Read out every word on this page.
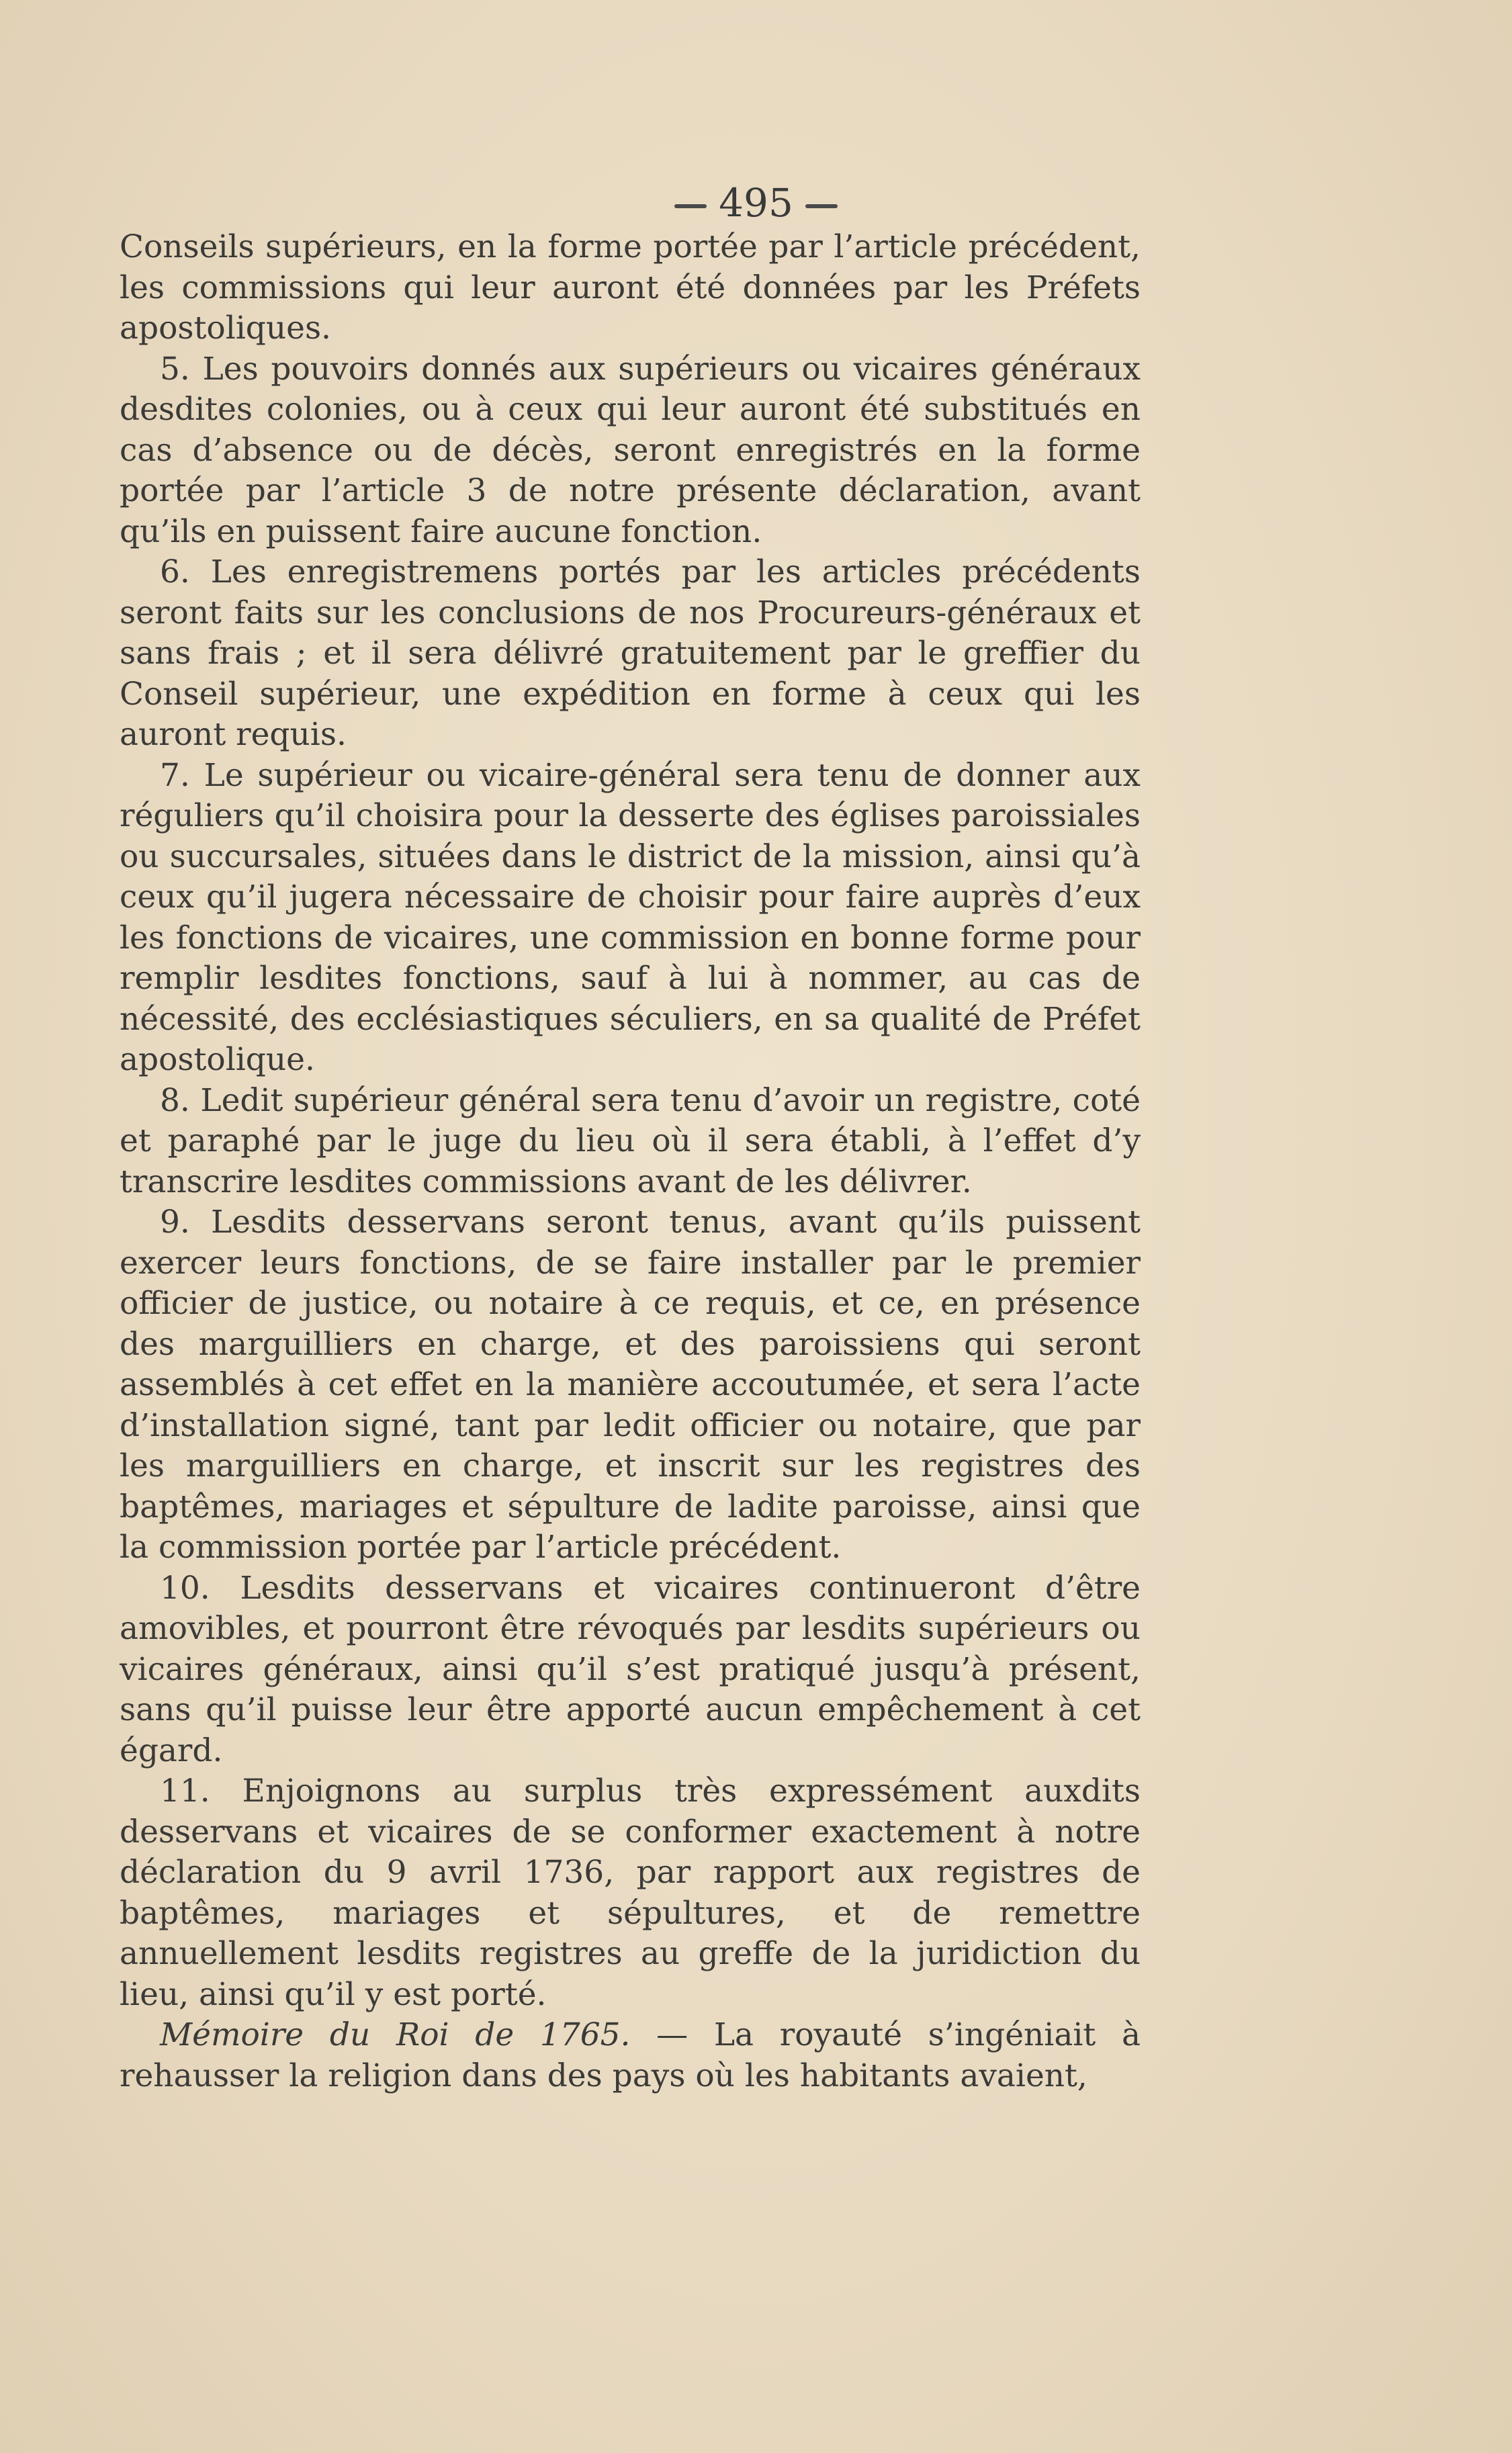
495

Conseils supérieurs, en la forme portée par l’article précédent, les commissions qui leur auront été données par les Préfets apostoliques.

5. Les pouvoirs donnés aux supérieurs ou vicaires généraux desdites colonies, ou à ceux qui leur auront été substitués en cas d’absence ou de décès, seront enregistrés en la forme portée par l’article 3 de notre présente déclaration, avant qu’ils en puissent faire aucune fonction.

6. Les enregistremens portés par les articles précédents seront faits sur les conclusions de nos Procureurs-généraux et sans frais ; et il sera délivré gratuitement par le greffier du Conseil supérieur, une expédition en forme à ceux qui les auront requis.

7. Le supérieur ou vicaire-général sera tenu de donner aux réguliers qu’il choisira pour la desserte des églises paroissiales ou succursales, situées dans le district de la mission, ainsi qu’à ceux qu’il jugera nécessaire de choisir pour faire auprès d’eux les fonctions de vicaires, une commission en bonne forme pour remplir lesdites fonctions, sauf à lui à nommer, au cas de nécessité, des ecclésiastiques séculiers, en sa qualité de Préfet apostolique.

8. Ledit supérieur général sera tenu d’avoir un registre, coté et paraphé par le juge du lieu où il sera établi, à l’effet d’y transcrire lesdites commissions avant de les délivrer.

9. Lesdits desservans seront tenus, avant qu’ils puissent exercer leurs fonctions, de se faire installer par le premier officier de justice, ou notaire à ce requis, et ce, en présence des marguilliers en charge, et des paroissiens qui seront assemblés à cet effet en la manière accoutumée, et sera l’acte d’installation signé, tant par ledit officier ou notaire, que par les marguilliers en charge, et inscrit sur les registres des baptêmes, mariages et sépulture de ladite paroisse, ainsi que la commission portée par l’article précédent.

10. Lesdits desservans et vicaires continueront d’être amovibles, et pourront être révoqués par lesdits supérieurs ou vicaires généraux, ainsi qu’il s’est pratiqué jusqu’à présent, sans qu’il puisse leur être apporté aucun empêchement à cet égard.

11. Enjoignons au surplus très expressément auxdits desservans et vicaires de se conformer exactement à notre déclaration du 9 avril 1736, par rapport aux registres de baptêmes, mariages et sépultures, et de remettre annuellement lesdits registres au greffe de la juridiction du lieu, ainsi qu’il y est porté.

Mémoire du Roi de 1765. — La royauté s’ingéniait à rehausser la religion dans des pays où les habitants avaient,
